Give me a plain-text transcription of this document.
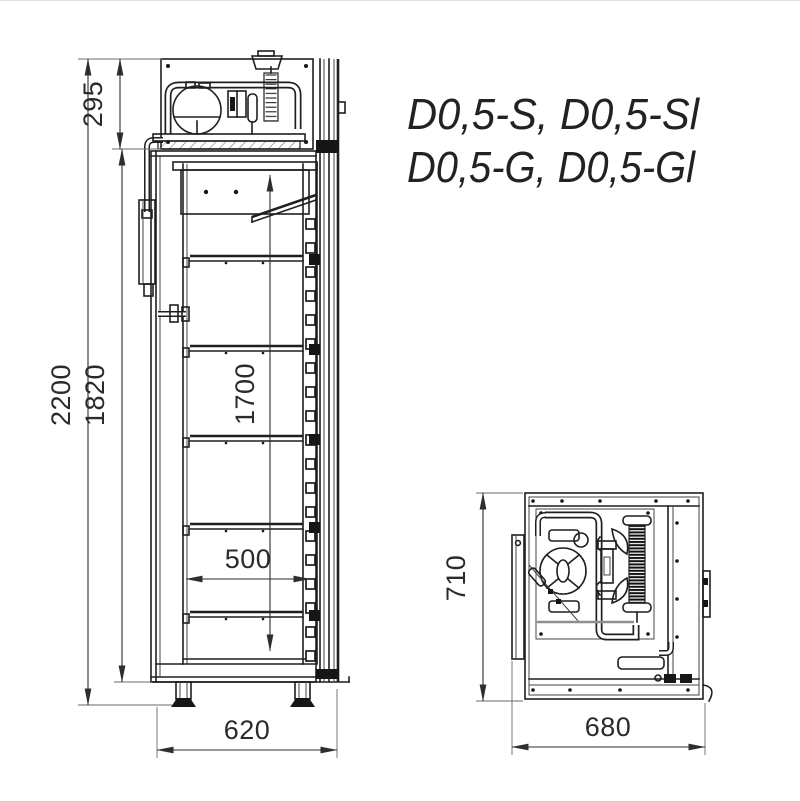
D0,5-S, D0,5-Sl
D0,5-G, D0,5-Gl
295
2200 1820	1700
500
620
710
680
